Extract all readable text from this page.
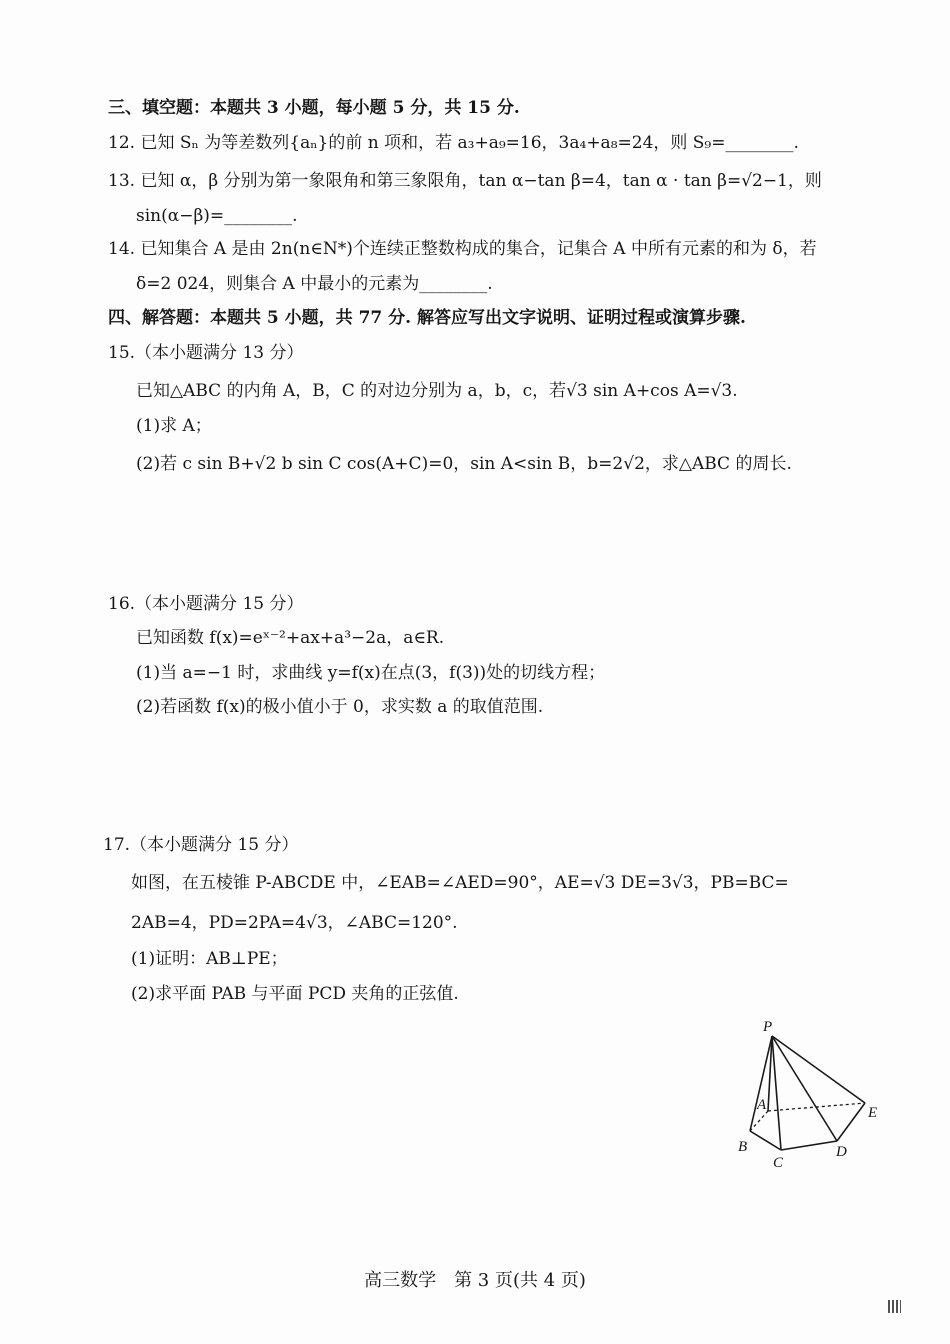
三、填空题：本题共 3 小题，每小题 5 分，共 15 分.
12. 已知 Sₙ 为等差数列{aₙ}的前 n 项和，若 a₃+a₉=16，3a₄+a₈=24，则 S₉=________.
13. 已知 α，β 分别为第一象限角和第三象限角，tan α−tan β=4，tan α · tan β=√2−1，则
sin(α−β)=________.
14. 已知集合 A 是由 2n(n∈N*)个连续正整数构成的集合，记集合 A 中所有元素的和为 δ，若
δ=2 024，则集合 A 中最小的元素为________.
四、解答题：本题共 5 小题，共 77 分. 解答应写出文字说明、证明过程或演算步骤.
15.（本小题满分 13 分）
已知△ABC 的内角 A，B，C 的对边分别为 a，b，c，若√3 sin A+cos A=√3.
(1)求 A；
(2)若 c sin B+√2 b sin C cos(A+C)=0，sin A<sin B，b=2√2，求△ABC 的周长.
16.（本小题满分 15 分）
已知函数 f(x)=eˣ⁻²+ax+a³−2a，a∈R.
(1)当 a=−1 时，求曲线 y=f(x)在点(3，f(3))处的切线方程；
(2)若函数 f(x)的极小值小于 0，求实数 a 的取值范围.
17.（本小题满分 15 分）
如图，在五棱锥 P-ABCDE 中，∠EAB=∠AED=90°，AE=√3 DE=3√3，PB=BC=
2AB=4，PD=2PA=4√3，∠ABC=120°.
(1)证明：AB⊥PE；
(2)求平面 PAB 与平面 PCD 夹角的正弦值.
P
A
B
C
D
E
高三数学　第 3 页(共 4 页)
